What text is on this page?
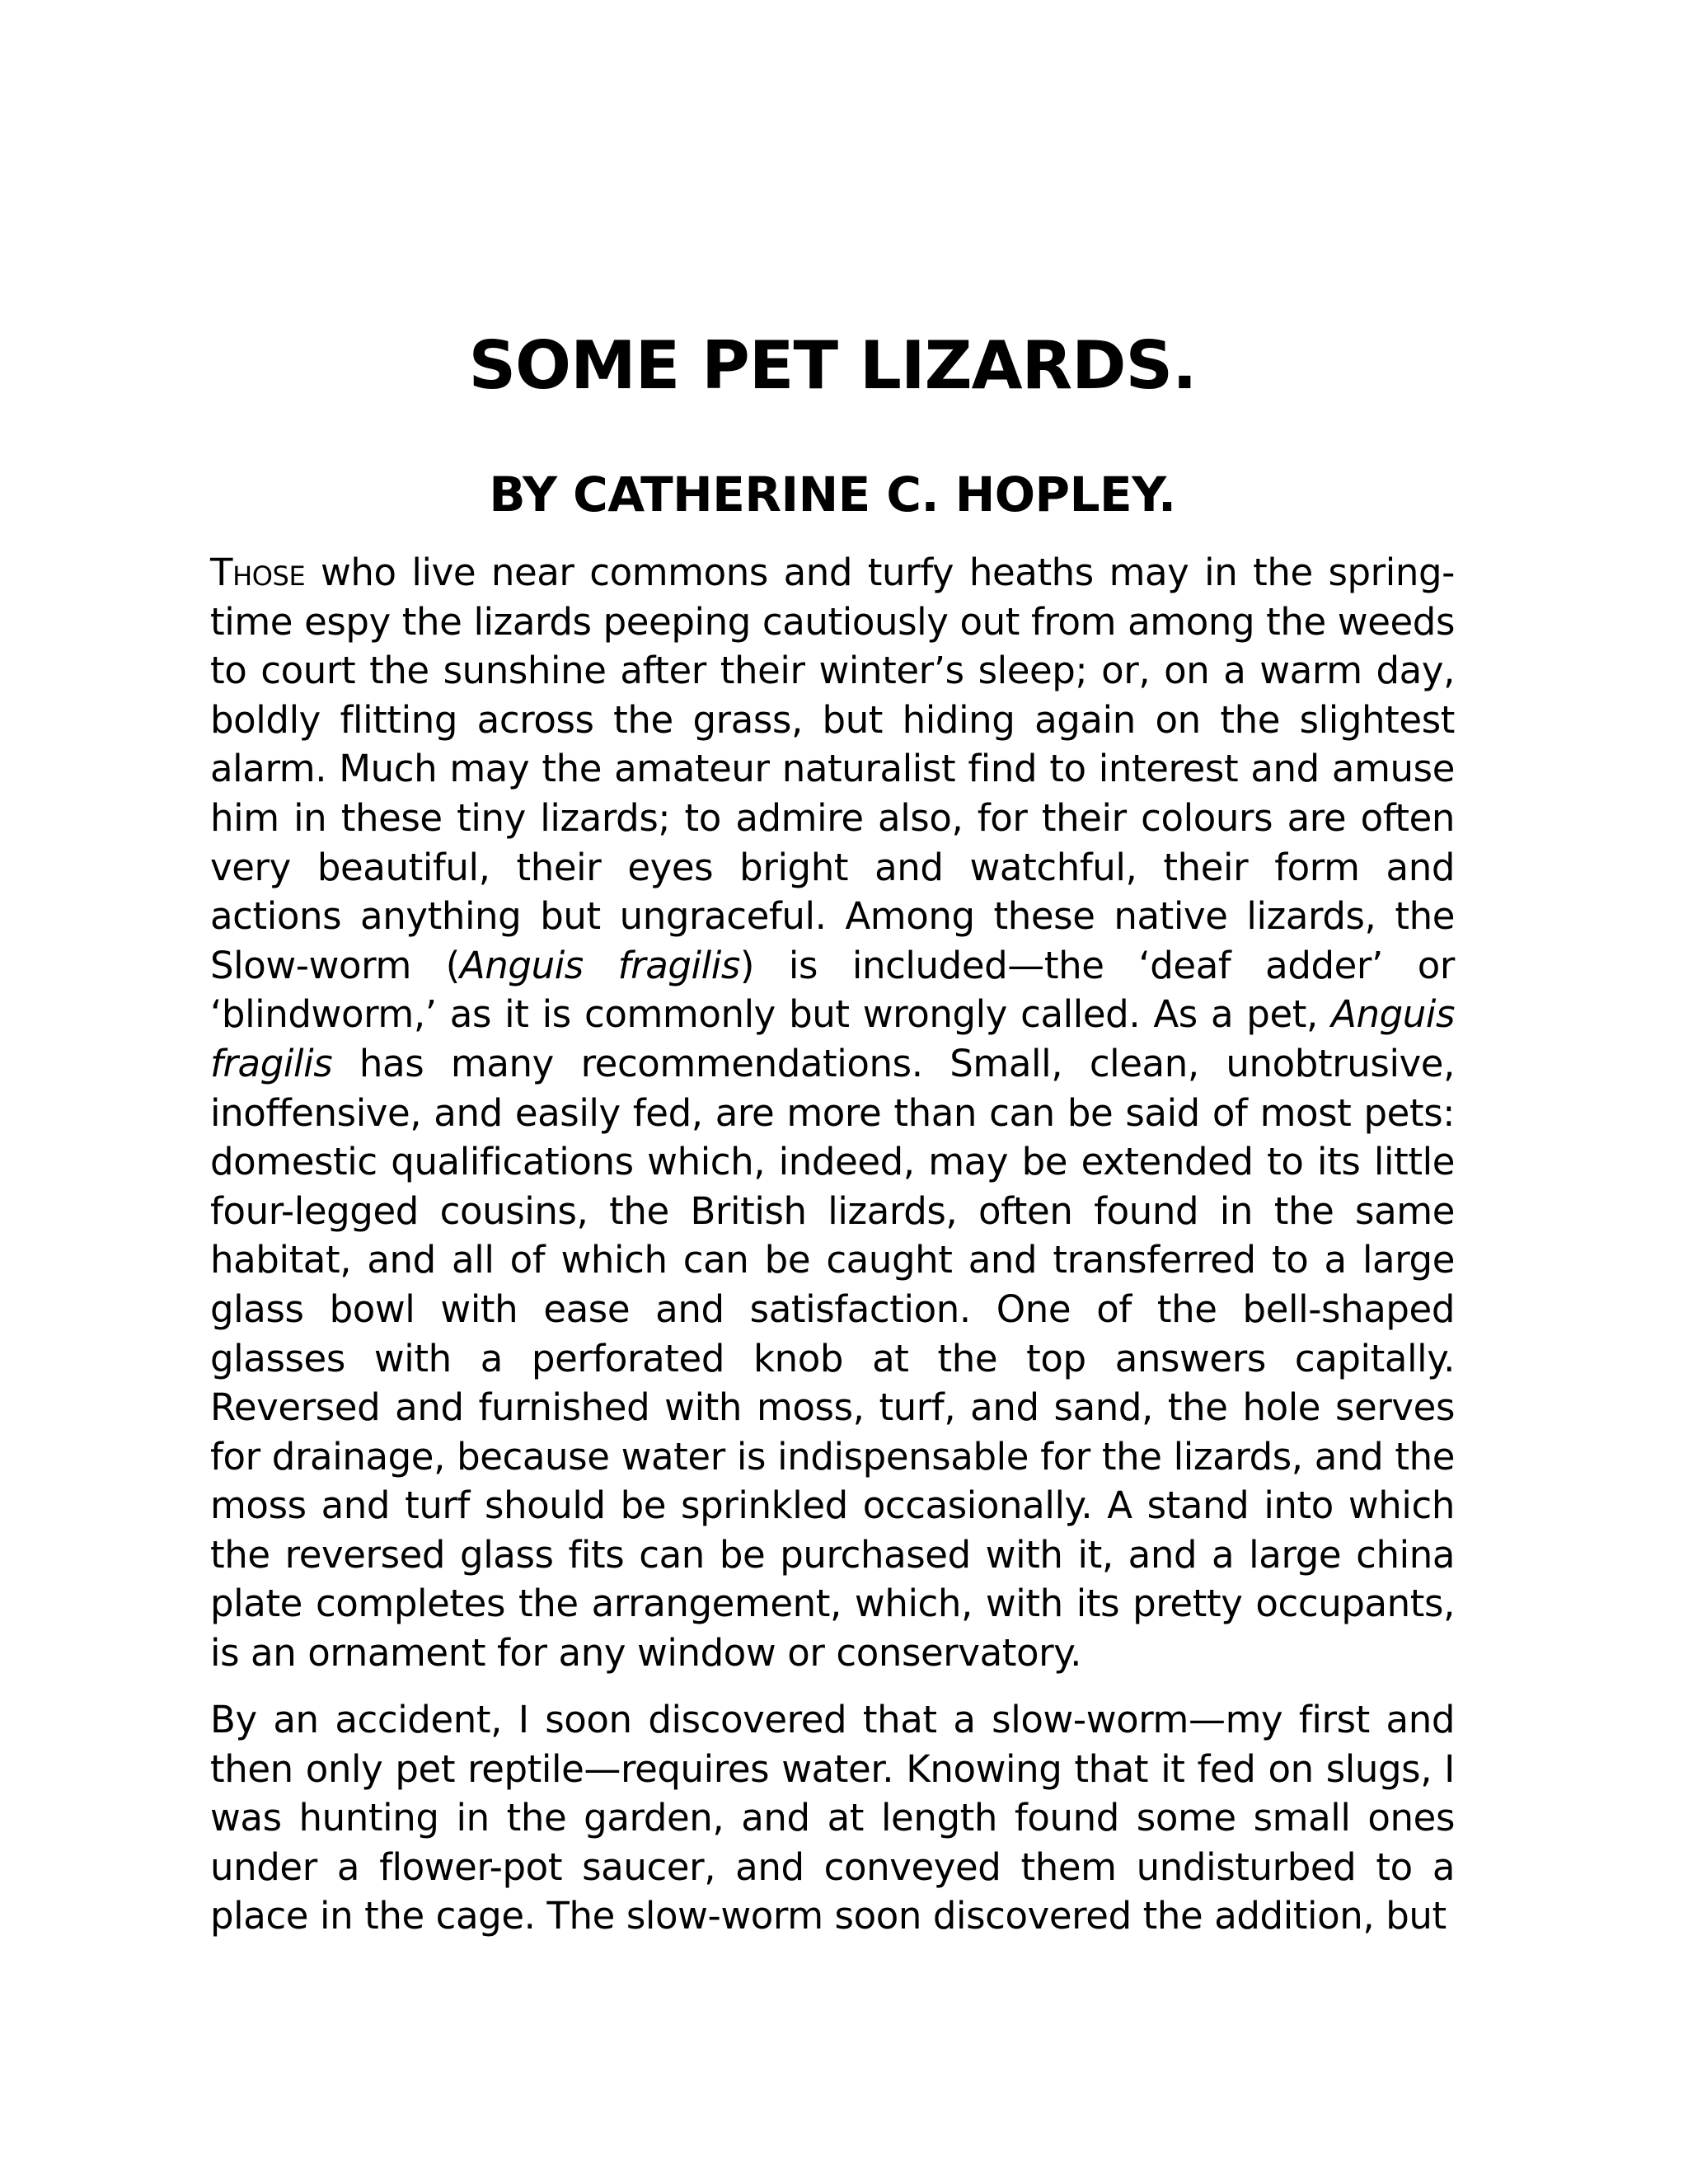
SOME PET LIZARDS.
BY CATHERINE C. HOPLEY.

Those who live near commons and turfy heaths may in the spring-time espy the lizards peeping cautiously out from among the weeds to court the sunshine after their winter’s sleep; or, on a warm day, boldly flitting across the grass, but hiding again on the slightest alarm. Much may the amateur naturalist find to interest and amuse him in these tiny lizards; to admire also, for their colours are often very beautiful, their eyes bright and watchful, their form and actions anything but ungraceful. Among these native lizards, the Slow-worm (Anguis fragilis) is included—the ‘deaf adder’ or ‘blindworm,’ as it is commonly but wrongly called. As a pet, Anguis fragilis has many recommendations. Small, clean, unobtrusive, inoffensive, and easily fed, are more than can be said of most pets: domestic qualifications which, indeed, may be extended to its little four-legged cousins, the British lizards, often found in the same habitat, and all of which can be caught and transferred to a large glass bowl with ease and satisfaction. One of the bell-shaped glasses with a perforated knob at the top answers capitally. Reversed and furnished with moss, turf, and sand, the hole serves for drainage, because water is indispensable for the lizards, and the moss and turf should be sprinkled occasionally. A stand into which the reversed glass fits can be purchased with it, and a large china plate completes the arrangement, which, with its pretty occupants, is an ornament for any window or conservatory.

By an accident, I soon discovered that a slow-worm—my first and then only pet reptile—requires water. Knowing that it fed on slugs, I was hunting in the garden, and at length found some small ones under a flower-pot saucer, and conveyed them undisturbed to a place in the cage. The slow-worm soon discovered the addition, but
